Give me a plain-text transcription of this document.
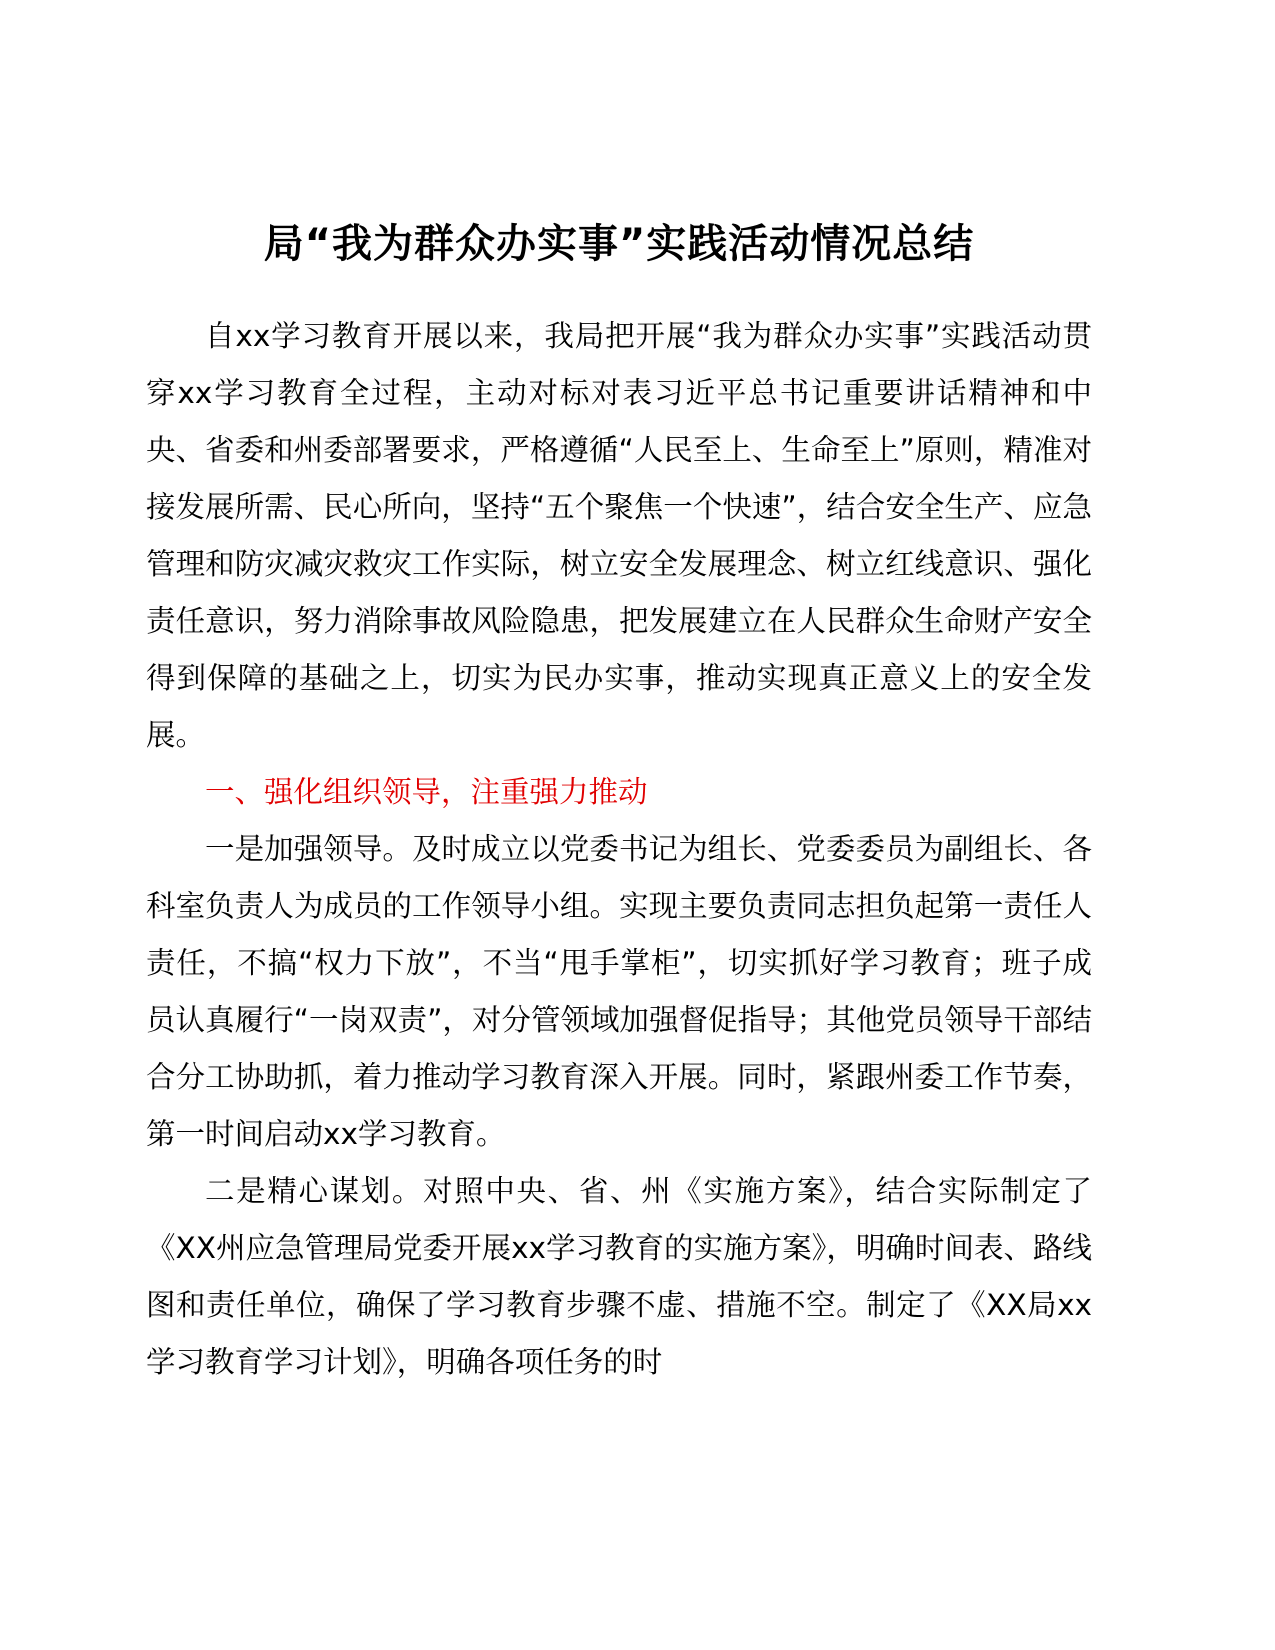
局“我为群众办实事”实践活动情况总结

自xx学习教育开展以来，我局把开展“我为群众办实事”实践活动贯穿xx学习教育全过程，主动对标对表习近平总书记重要讲话精神和中央、省委和州委部署要求，严格遵循“人民至上、生命至上”原则，精准对接发展所需、民心所向，坚持“五个聚焦一个快速”，结合安全生产、应急管理和防灾减灾救灾工作实际，树立安全发展理念、树立红线意识、强化责任意识，努力消除事故风险隐患，把发展建立在人民群众生命财产安全得到保障的基础之上，切实为民办实事，推动实现真正意义上的安全发展。

一、强化组织领导，注重强力推动

一是加强领导。及时成立以党委书记为组长、党委委员为副组长、各科室负责人为成员的工作领导小组。实现主要负责同志担负起第一责任人责任，不搞“权力下放”，不当“甩手掌柜”，切实抓好学习教育；班子成员认真履行“一岗双责”，对分管领域加强督促指导；其他党员领导干部结合分工协助抓，着力推动学习教育深入开展。同时，紧跟州委工作节奏，第一时间启动xx学习教育。

二是精心谋划。对照中央、省、州《实施方案》，结合实际制定了《XX州应急管理局党委开展xx学习教育的实施方案》，明确时间表、路线图和责任单位，确保了学习教育步骤不虚、措施不空。制定了《XX局xx学习教育学习计划》，明确各项任务的时
